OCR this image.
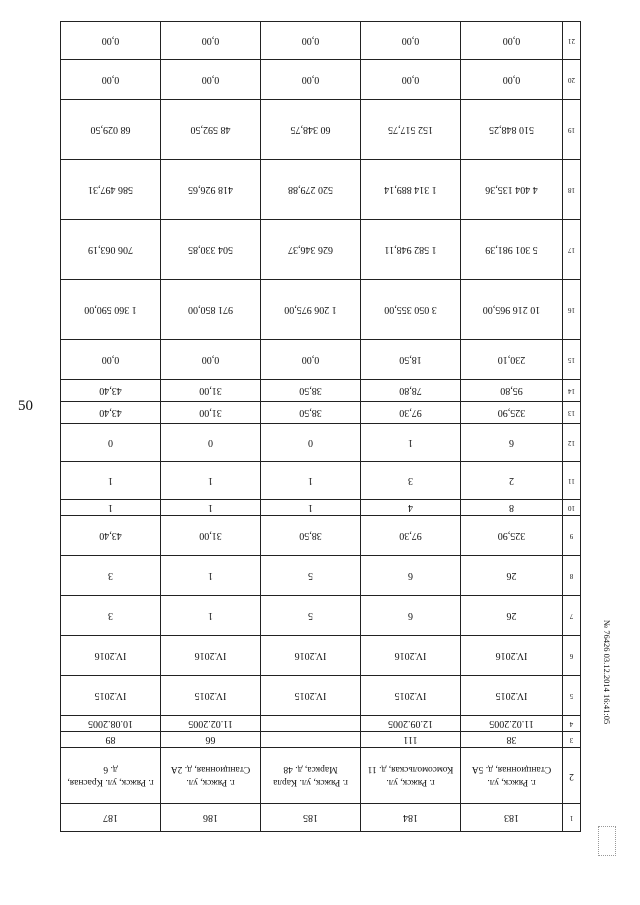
50
№ 76426 03.12.2014 16:41:05
1	183	184	185	186	187
2	г. Ряжск, ул. Станционная, д. 5А	г. Ряжск, ул. Комсомольская, д. 11	г. Ряжск, ул. Карла Маркса, д. 48	г. Ряжск, ул. Станционная, д. 2А	г. Ряжск, ул. Красная, д. 6
3	38	111		66	89
4	11.02.2005	12.09.2005		11.02.2005	10.08.2005
5	IV.2015	IV.2015	IV.2015	IV.2015	IV.2015
6	IV.2016	IV.2016	IV.2016	IV.2016	IV.2016
7	26	6	5	1	3
8	26	6	5	1	3
9	325,90	97,30	38,50	31,00	43,40
10	8	4	1	1	1
11	2	3	1	1	1
12	6	1	0	0	0
13	325,90	97,30	38,50	31,00	43,40
14	95,80	78,80	38,50	31,00	43,40
15	230,10	18,50	0,00	0,00	0,00
16	10 216 965,00	3 050 355,00	1 206 975,00	971 850,00	1 360 590,00
17	5 301 981,39	1 582 948,11	626 346,37	504 330,85	706 063,19
18	4 404 135,36	1 314 889,14	520 279,88	418 926,65	586 497,31
19	510 848,25	152 517,75	60 348,75	48 592,50	68 029,50
20	0,00	0,00	0,00	0,00	0,00
21	0,00	0,00	0,00	0,00	0,00
